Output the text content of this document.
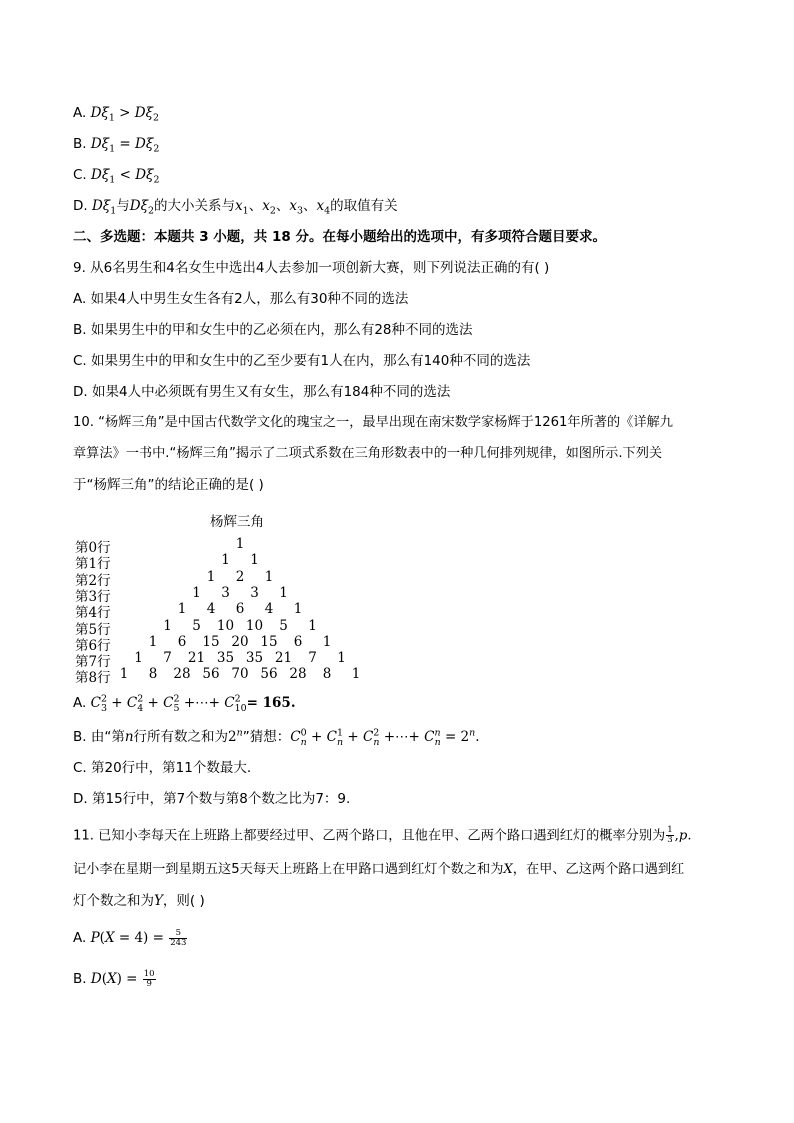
A. $D\xi_1 > D\xi_2$
B. $D\xi_1 = D\xi_2$
C. $D\xi_1 < D\xi_2$
D. $D\xi_1$与$D\xi_2$的大小关系与$x_1$、$x_2$、$x_3$、$x_4$的取值有关
二、多选题：本题共 3 小题，共 18 分。在每小题给出的选项中，有多项符合题目要求。
9. 从6名男生和4名女生中选出4人去参加一项创新大赛，则下列说法正确的有( )
A. 如果4人中男生女生各有2人，那么有30种不同的选法
B. 如果男生中的甲和女生中的乙必须在内，那么有28种不同的选法
C. 如果男生中的甲和女生中的乙至少要有1人在内，那么有140种不同的选法
D. 如果4人中必须既有男生又有女生，那么有184种不同的选法
10. “杨辉三角”是中国古代数学文化的瑰宝之一，最早出现在南宋数学家杨辉于1261年所著的《详解九
章算法》一书中.“杨辉三角”揭示了二项式系数在三角形数表中的一种几何排列规律，如图所示.下列关
于“杨辉三角”的结论正确的是( )
杨辉三角
第0行	1
第1行	1	1
第2行	1	2	1
第3行	1	3	3	1
第4行	1	4	6	4	1
第5行	1	5	10 10	5	1
第6行	1	6	15 20 15	6	1
第7行	1	7	21 35 35 21	7	1
第8行 1	8	28 56 70 56 28	8	1
A. $C^2_3 + C^2_4 + C^2_5$ +⋯+ $C^2_{10}= 165$.
B. 由“第n行所有数之和为2$^n$”猜想：$C^0_n + C^1_n + C^2_n$ +⋯+ $C^n_n = 2^n$.
C. 第20行中，第11个数最大.
D. 第15行中，第7个数与第8个数之比为7：9.
11. 已知小李每天在上班路上都要经过甲、乙两个路口，且他在甲、乙两个路口遇到红灯的概率分别为 $\frac{1}{3} ,p$.
记小李在星期一到星期五这5天每天上班路上在甲路口遇到红灯个数之和为X，在甲、乙这两个路口遇到红
灯个数之和为Y，则( )
A. $P(X = 4) = \frac{5}{243}$
B. $D(X) = \frac{10}{9}$
